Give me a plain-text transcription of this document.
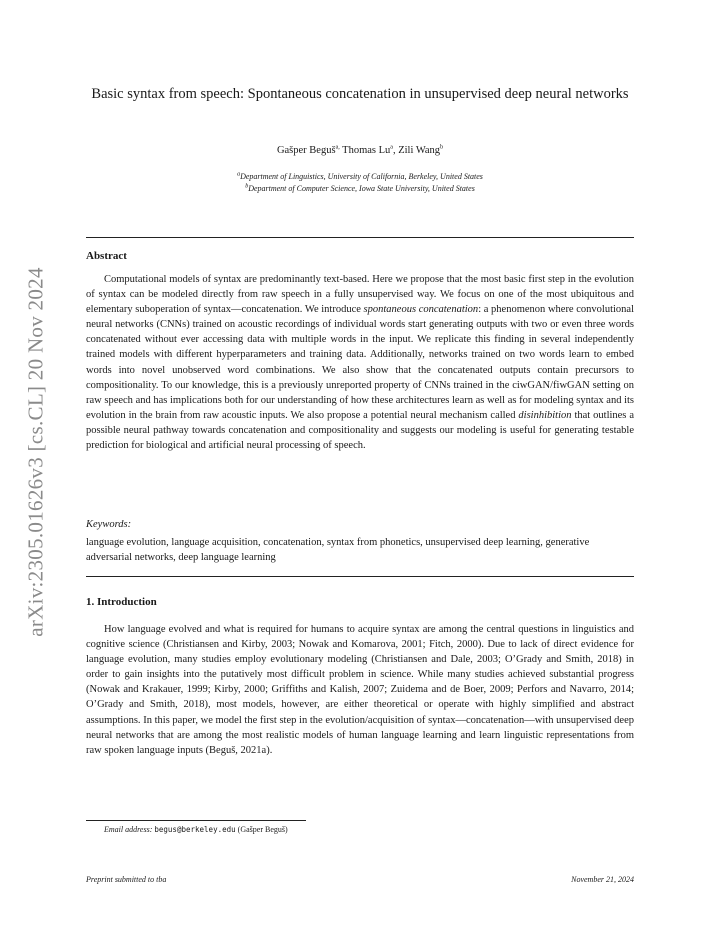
arXiv:2305.01626v3 [cs.CL] 20 Nov 2024
Basic syntax from speech: Spontaneous concatenation in unsupervised deep neural networks
Gašper Beguš$^{a,}$ Thomas Lu$^a$, Zili Wang$^b$
$^a$Department of Linguistics, University of California, Berkeley, United States
$^b$Department of Computer Science, Iowa State University, United States
Abstract
Computational models of syntax are predominantly text-based. Here we propose that the most basic first step in the evolution of syntax can be modeled directly from raw speech in a fully unsupervised way. We focus on one of the most ubiquitous and elementary suboperation of syntax—concatenation. We introduce spontaneous concatenation: a phenomenon where convolutional neural networks (CNNs) trained on acoustic recordings of individual words start generating outputs with two or even three words concatenated without ever accessing data with multiple words in the input. We replicate this finding in several independently trained models with different hyperparameters and training data. Additionally, networks trained on two words learn to embed words into novel unobserved word combinations. We also show that the concatenated outputs contain precursors to compositionality. To our knowledge, this is a previously unreported property of CNNs trained in the ciwGAN/fiwGAN setting on raw speech and has implications both for our understanding of how these architectures learn as well as for modeling syntax and its evolution in the brain from raw acoustic inputs. We also propose a potential neural mechanism called disinhibition that outlines a possible neural pathway towards concatenation and compositionality and suggests our modeling is useful for generating testable prediction for biological and artificial neural processing of speech.
Keywords:
language evolution, language acquisition, concatenation, syntax from phonetics, unsupervised deep learning, generative adversarial networks, deep language learning
1. Introduction
How language evolved and what is required for humans to acquire syntax are among the central questions in linguistics and cognitive science (Christiansen and Kirby, 2003; Nowak and Komarova, 2001; Fitch, 2000). Due to lack of direct evidence for language evolution, many studies employ evolutionary modeling (Christiansen and Dale, 2003; O’Grady and Smith, 2018) in order to gain insights into the putatively most difficult problem in science. While many studies achieved substantial progress (Nowak and Krakauer, 1999; Kirby, 2000; Griffiths and Kalish, 2007; Zuidema and de Boer, 2009; Perfors and Navarro, 2014; O’Grady and Smith, 2018), most models, however, are either theoretical or operate with highly simplified and abstract assumptions. In this paper, we model the first step in the evolution/acquisition of syntax—concatenation—with unsupervised deep neural networks that are among the most realistic models of human language learning and learn linguistic representations from raw spoken language inputs (Beguš, 2021a).
Email address: begus@berkeley.edu (Gašper Beguš)
Preprint submitted to tba	November 21, 2024
